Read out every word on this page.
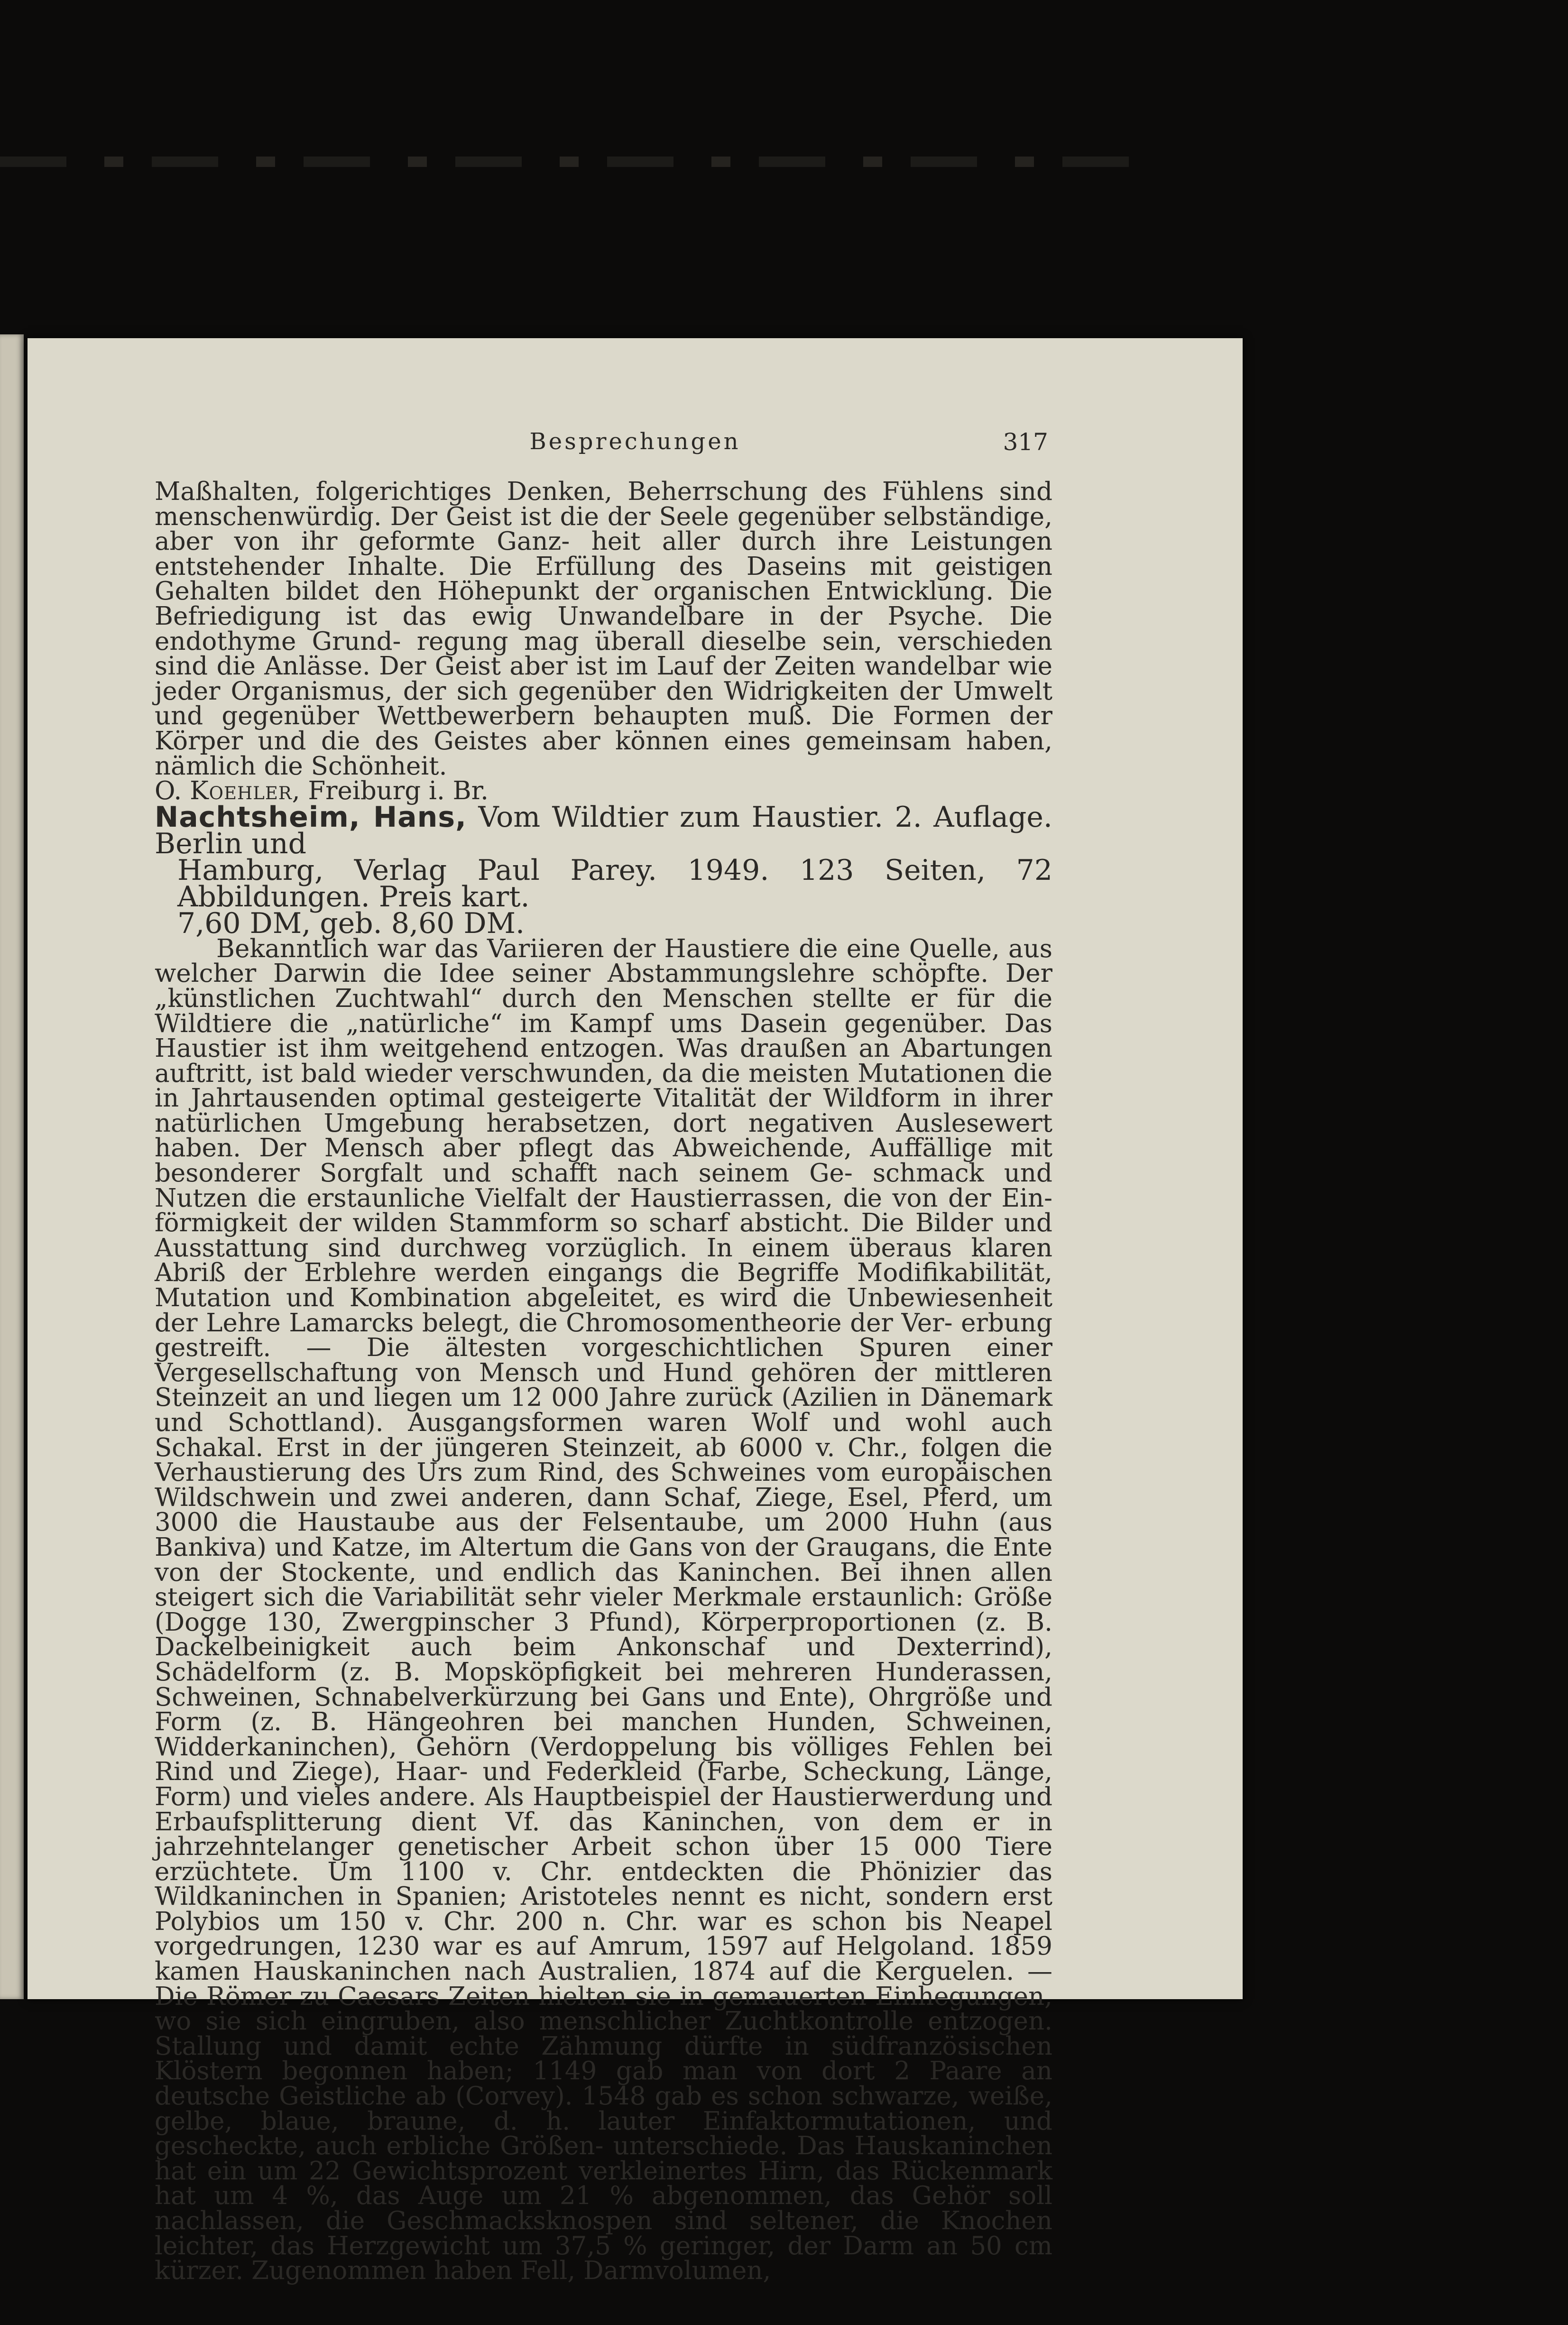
Besprechungen	317

Maßhalten, folgerichtiges Denken, Beherrschung des Fühlens sind menschenwürdig. Der Geist ist die der Seele gegenüber selbständige, aber von ihr geformte Ganz- heit aller durch ihre Leistungen entstehender Inhalte. Die Erfüllung des Daseins mit geistigen Gehalten bildet den Höhepunkt der organischen Entwicklung. Die Befriedigung ist das ewig Unwandelbare in der Psyche. Die endothyme Grund- regung mag überall dieselbe sein, verschieden sind die Anlässe. Der Geist aber ist im Lauf der Zeiten wandelbar wie jeder Organismus, der sich gegenüber den Widrigkeiten der Umwelt und gegenüber Wettbewerbern behaupten muß. Die Formen der Körper und die des Geistes aber können eines gemeinsam haben, nämlich die Schönheit.

O. Koehler, Freiburg i. Br.

Nachtsheim, Hans, Vom Wildtier zum Haustier. 2. Auflage. Berlin und
Hamburg, Verlag Paul Parey. 1949. 123 Seiten, 72 Abbildungen. Preis kart.
7,60 DM, geb. 8,60 DM.

Bekanntlich war das Variieren der Haustiere die eine Quelle, aus welcher Darwin die Idee seiner Abstammungslehre schöpfte. Der „künstlichen Zuchtwahl“ durch den Menschen stellte er für die Wildtiere die „natürliche“ im Kampf ums Dasein gegenüber. Das Haustier ist ihm weitgehend entzogen. Was draußen an Abartungen auftritt, ist bald wieder verschwunden, da die meisten Mutationen die in Jahrtausenden optimal gesteigerte Vitalität der Wildform in ihrer natürlichen Umgebung herabsetzen, dort negativen Auslesewert haben. Der Mensch aber pflegt das Abweichende, Auffällige mit besonderer Sorgfalt und schafft nach seinem Ge- schmack und Nutzen die erstaunliche Vielfalt der Haustierrassen, die von der Ein- förmigkeit der wilden Stammform so scharf absticht. Die Bilder und Ausstattung sind durchweg vorzüglich. In einem überaus klaren Abriß der Erblehre werden eingangs die Begriffe Modifikabilität, Mutation und Kombination abgeleitet, es wird die Unbewiesenheit der Lehre Lamarcks belegt, die Chromosomentheorie der Ver- erbung gestreift. — Die ältesten vorgeschichtlichen Spuren einer Vergesellschaftung von Mensch und Hund gehören der mittleren Steinzeit an und liegen um 12 000 Jahre zurück (Azilien in Dänemark und Schottland). Ausgangsformen waren Wolf und wohl auch Schakal. Erst in der jüngeren Steinzeit, ab 6000 v. Chr., folgen die Verhaustierung des Urs zum Rind, des Schweines vom europäischen Wildschwein und zwei anderen, dann Schaf, Ziege, Esel, Pferd, um 3000 die Haustaube aus der Felsentaube, um 2000 Huhn (aus Bankiva) und Katze, im Altertum die Gans von der Graugans, die Ente von der Stockente, und endlich das Kaninchen. Bei ihnen allen steigert sich die Variabilität sehr vieler Merkmale erstaunlich: Größe (Dogge 130, Zwergpinscher 3 Pfund), Körperproportionen (z. B. Dackelbeinigkeit auch beim Ankonschaf und Dexterrind), Schädelform (z. B. Mopsköpfigkeit bei mehreren Hunderassen, Schweinen, Schnabelverkürzung bei Gans und Ente), Ohrgröße und Form (z. B. Hängeohren bei manchen Hunden, Schweinen, Widderkaninchen), Gehörn (Verdoppelung bis völliges Fehlen bei Rind und Ziege), Haar- und Federkleid (Farbe, Scheckung, Länge, Form) und vieles andere. Als Hauptbeispiel der Haustierwerdung und Erbaufsplitterung dient Vf. das Kaninchen, von dem er in jahrzehntelanger genetischer Arbeit schon über 15 000 Tiere erzüchtete. Um 1100 v. Chr. entdeckten die Phönizier das Wildkaninchen in Spanien; Aristoteles nennt es nicht, sondern erst Polybios um 150 v. Chr. 200 n. Chr. war es schon bis Neapel vorgedrungen, 1230 war es auf Amrum, 1597 auf Helgoland. 1859 kamen Hauskaninchen nach Australien, 1874 auf die Kerguelen. — Die Römer zu Caesars Zeiten hielten sie in gemauerten Einhegungen, wo sie sich eingruben, also menschlicher Zuchtkontrolle entzogen. Stallung und damit echte Zähmung dürfte in südfranzösischen Klöstern begonnen haben; 1149 gab man von dort 2 Paare an deutsche Geistliche ab (Corvey). 1548 gab es schon schwarze, weiße, gelbe, blaue, braune, d. h. lauter Einfaktormutationen, und gescheckte, auch erbliche Größen- unterschiede. Das Hauskaninchen hat ein um 22 Gewichtsprozent verkleinertes Hirn, das Rückenmark hat um 4 %, das Auge um 21 % abgenommen, das Gehör soll nachlassen, die Geschmacksknospen sind seltener, die Knochen leichter, das Herzgewicht um 37,5 % geringer, der Darm an 50 cm kürzer. Zugenommen haben Fell, Darmvolumen,
